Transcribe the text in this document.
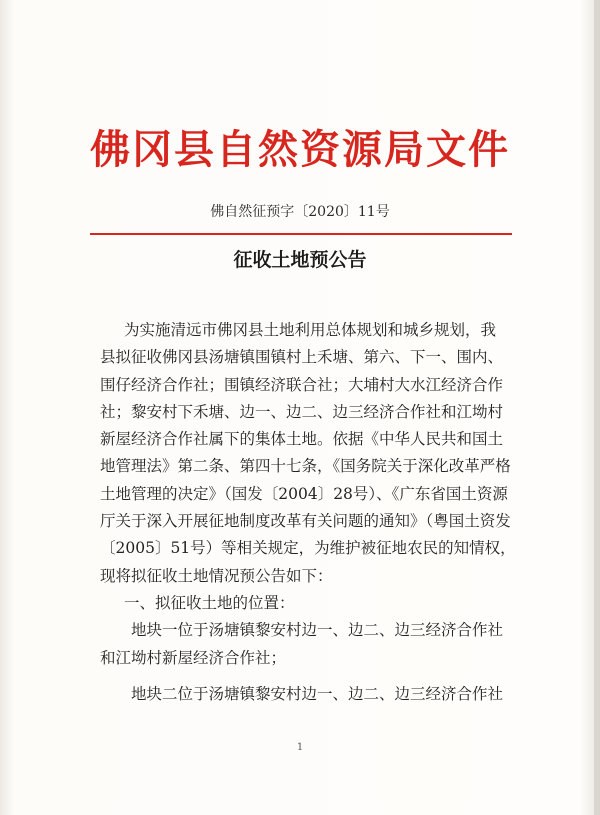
佛冈县自然资源局文件
佛自然征预字〔2020〕11号
征收土地预公告

为实施清远市佛冈县土地利用总体规划和城乡规划，我

县拟征收佛冈县汤塘镇围镇村上禾塘、第六、下一、围内、

围仔经济合作社；围镇经济联合社；大埔村大水江经济合作

社；黎安村下禾塘、边一、边二、边三经济合作社和江坳村

新屋经济合作社属下的集体土地。依据《中华人民共和国土

地管理法》第二条、第四十七条，《国务院关于深化改革严格

土地管理的决定》（国发〔2004〕28号）、《广东省国土资源

厅关于深入开展征地制度改革有关问题的通知》（粤国土资发

〔2005〕51号）等相关规定，为维护被征地农民的知情权，

现将拟征收土地情况预公告如下：

一、拟征收土地的位置：

地块一位于汤塘镇黎安村边一、边二、边三经济合作社

和江坳村新屋经济合作社；

地块二位于汤塘镇黎安村边一、边二、边三经济合作社

1
